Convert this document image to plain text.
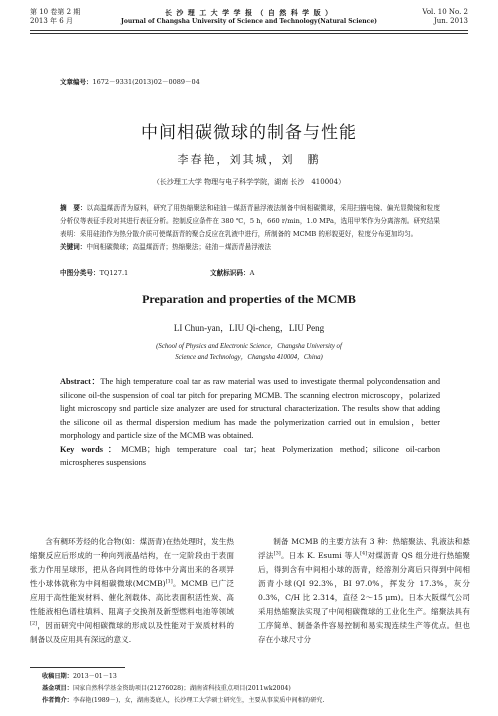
第 10 卷第 2 期
2013 年 6 月
长 沙 理 工 大 学 学 报 （ 自 然 科 学 版 ）
Journal of Changsha University of Science and Technology(Natural Science)
Vol. 10 No. 2
Jun. 2013
文章编号：1672－9331(2013)02－0089－04
中间相碳微球的制备与性能
李春艳，刘其城，刘　鹏
（长沙理工大学 物理与电子科学学院，湖南 长沙　410004）
摘　要：以高温煤沥青为原料，研究了用热缩聚法和硅油－煤沥青悬浮液法制备中间相碳微球，采用扫描电镜、偏光显微镜和粒度分析仪等表征手段对其进行表征分析。控制反应条件在 380 ℃，5 h，660 r/min，1.0 MPa，选用甲苯作为分离溶剂。研究结果表明：采用硅油作为热分散介质可使煤沥青的聚合反应在乳液中进行，所制备的 MCMB 的形貌更好，粒度分布更加均匀。
关键词：中间相碳微球；高温煤沥青；热缩聚法；硅油－煤沥青悬浮液法
中图分类号：TQ127.1	文献标识码：A
Preparation and properties of the MCMB
LI Chun-yan，LIU Qi-cheng，LIU Peng
(School of Physics and Electronic Science，Changsha University of
Science and Technology，Changsha 410004，China)
Abstract：The high temperature coal tar as raw material was used to investigate thermal polycondensation and silicone oil-the suspension of coal tar pitch for preparing MCMB. The scanning electron microscopy，polarized light microscopy snd particle size analyzer are used for structural characterization. The results show that adding the silicone oil as thermal dispersion medium has made the polymerization carried out in emulsion，better morphology and particle size of the MCMB was obtained.
Key words：MCMB；high temperature coal tar；heat Polymerization method；silicone oil-carbon microspheres suspensions
含有稠环芳烃的化合物(如：煤沥青)在热处理时，发生热缩聚反应后形成的一种向列液晶结构，在一定阶段由于表面张力作用呈球形，把从各向同性的母体中分离出来的各项异性小球体就称为中间相碳微球(MCMB)[1]。MCMB 已广泛应用于高性能炭材料、催化剂载体、高比表面积活性炭、高性能液相色谱柱填料、阻离子交换剂及新型燃料电池等领域[2]，因而研究中间相碳微球的形成以及性能对于炭质材料的制备以及应用具有深远的意义.
制备 MCMB 的主要方法有 3 种：热缩聚法、乳液法和悬浮法[3]。日本 K. Esumi 等人[4]对煤沥青 QS 组分进行热缩聚后，得到含有中间相小球的沥青，经溶剂分离后只得到中间相沥青小球(QI 92.3%，BI 97.0%，挥发分 17.3%，灰分 0.3%，C/H 比 2.314，直径 2～15 μm)。日本大阪煤气公司采用热缩聚法实现了中间相碳微球的工业化生产。缩聚法具有工序简单、制备条件容易控制和易实现连续生产等优点。但也存在小球尺寸分
收稿日期：2013－01－13
基金项目：国家自然科学基金资助项目(21276028)；湖南省科技重点项目(2011wk2004)
作者简介：李春艳(1989－)，女，湖南娄底人，长沙理工大学硕士研究生，主要从事炭质中间相的研究.
